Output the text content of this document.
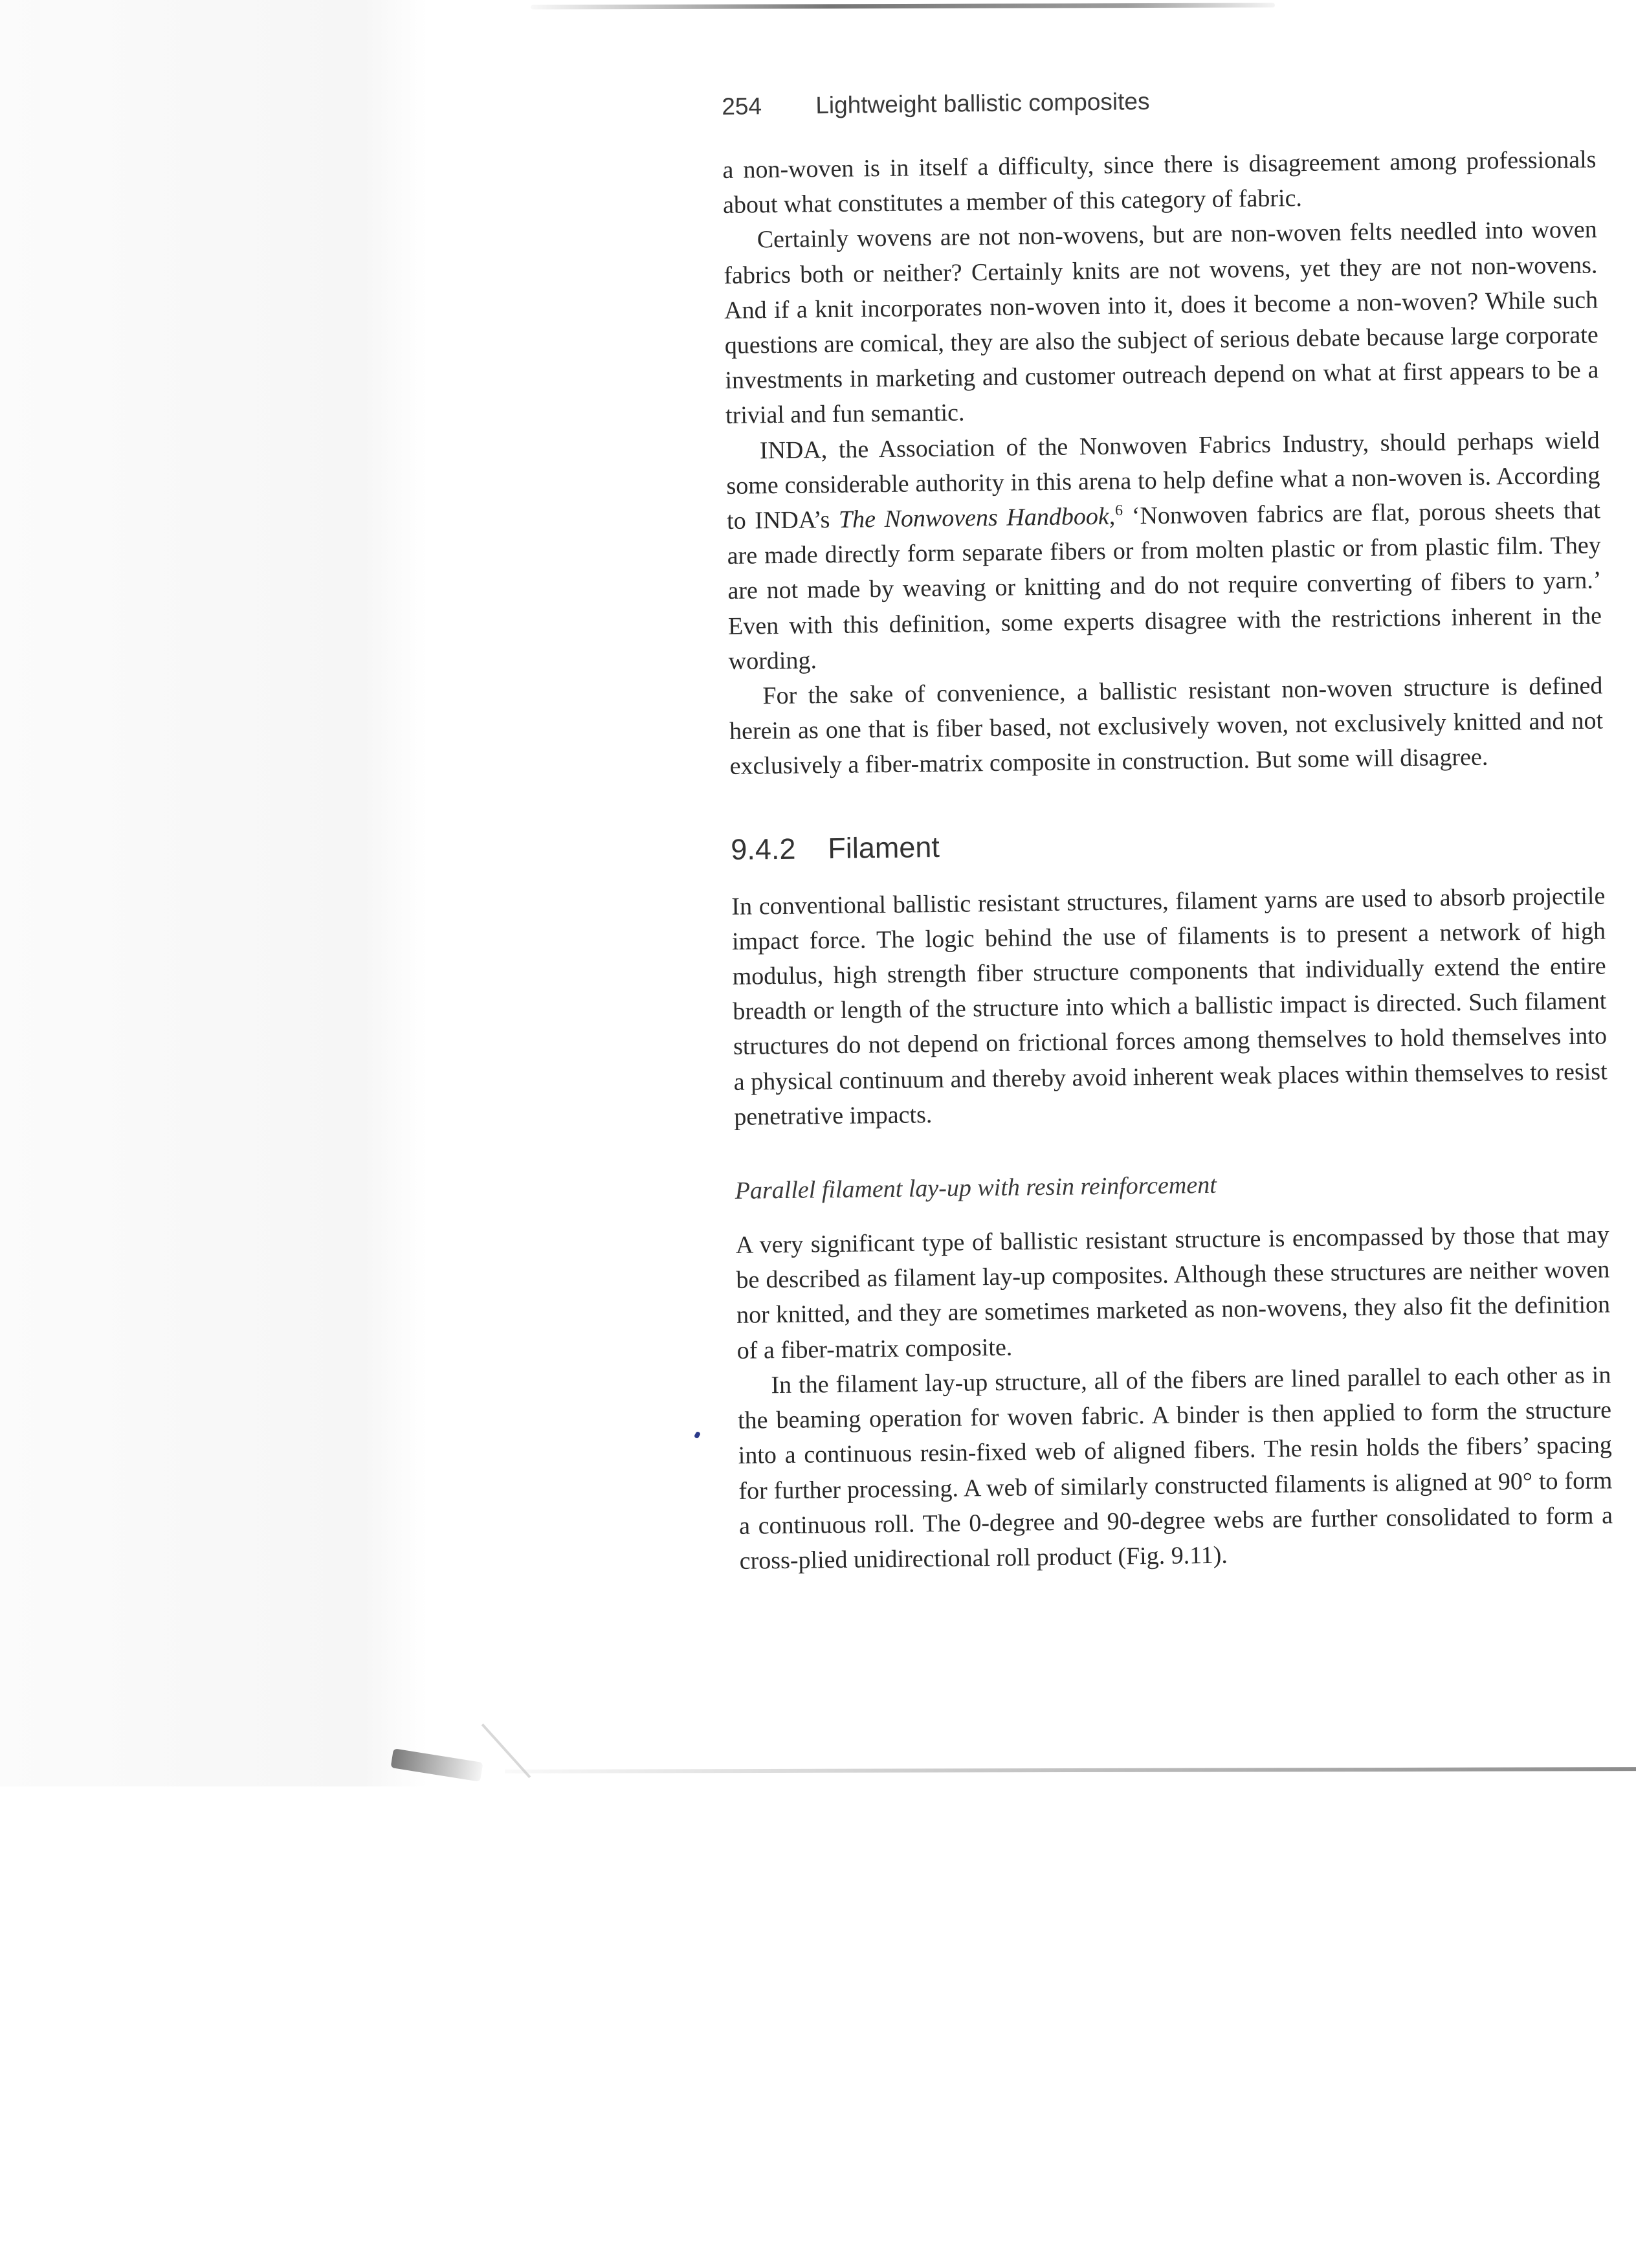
254 Lightweight ballistic composites

a non-woven is in itself a difficulty, since there is disagreement among professionals about what constitutes a member of this category of fabric.

Certainly wovens are not non-wovens, but are non-woven felts needled into woven fabrics both or neither? Certainly knits are not wovens, yet they are not non-wovens. And if a knit incorporates non-woven into it, does it become a non-woven? While such questions are comical, they are also the subject of serious debate because large corporate investments in marketing and customer outreach depend on what at first appears to be a trivial and fun semantic.

INDA, the Association of the Nonwoven Fabrics Industry, should perhaps wield some considerable authority in this arena to help define what a non-woven is. According to INDA’s The Nonwovens Handbook,$^6$ ‘Nonwoven fabrics are flat, porous sheets that are made directly form separate fibers or from molten plastic or from plastic film. They are not made by weaving or knitting and do not require converting of fibers to yarn.’ Even with this definition, some experts disagree with the restrictions inherent in the wording.

For the sake of convenience, a ballistic resistant non-woven structure is defined herein as one that is fiber based, not exclusively woven, not exclusively knitted and not exclusively a fiber-matrix composite in construction. But some will disagree.

9.4.2 Filament

In conventional ballistic resistant structures, filament yarns are used to absorb projectile impact force. The logic behind the use of filaments is to present a network of high modulus, high strength fiber structure components that individually extend the entire breadth or length of the structure into which a ballistic impact is directed. Such filament structures do not depend on frictional forces among themselves to hold themselves into a physical continuum and thereby avoid inherent weak places within themselves to resist penetrative impacts.

Parallel filament lay-up with resin reinforcement

A very significant type of ballistic resistant structure is encompassed by those that may be described as filament lay-up composites. Although these structures are neither woven nor knitted, and they are sometimes marketed as non-wovens, they also fit the definition of a fiber-matrix composite.

In the filament lay-up structure, all of the fibers are lined parallel to each other as in the beaming operation for woven fabric. A binder is then applied to form the structure into a continuous resin-fixed web of aligned fibers. The resin holds the fibers’ spacing for further processing. A web of similarly constructed filaments is aligned at 90° to form a continuous roll. The 0-degree and 90-degree webs are further consolidated to form a cross-plied unidirectional roll product (Fig. 9.11).
